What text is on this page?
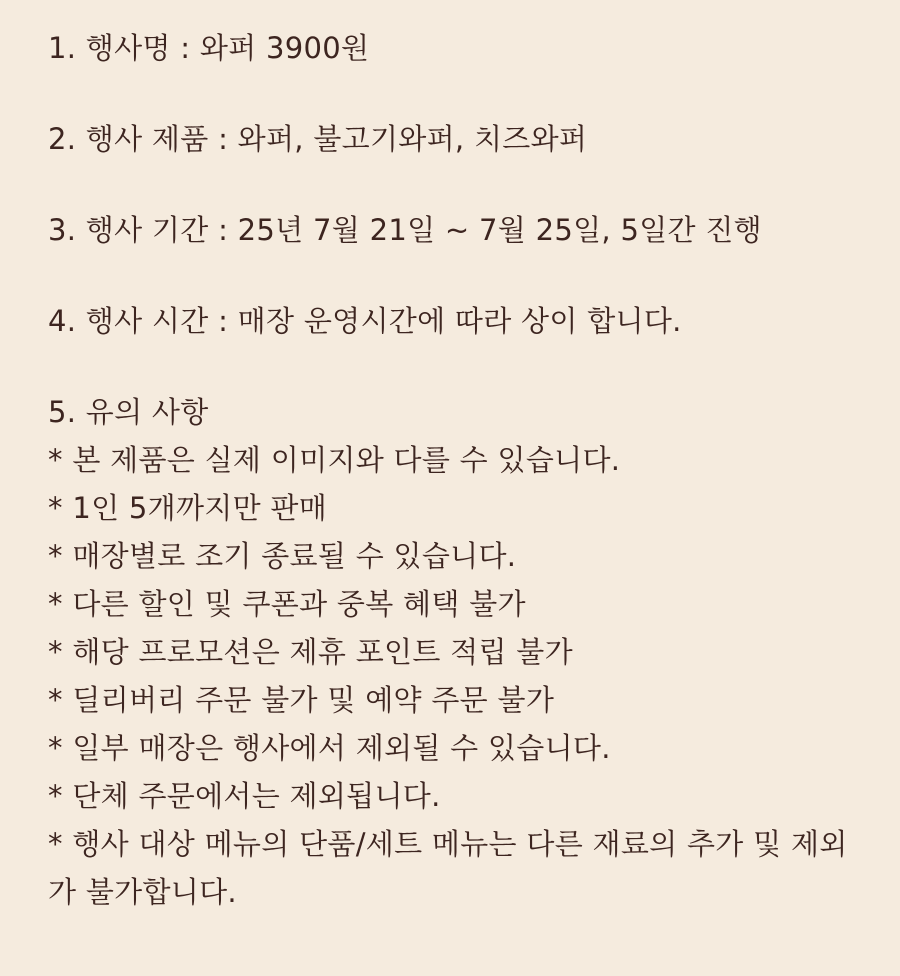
1. 행사명 : 와퍼 3900원

2. 행사 제품 : 와퍼, 불고기와퍼, 치즈와퍼

3. 행사 기간 : 25년 7월 21일 ~ 7월 25일, 5일간 진행

4. 행사 시간 : 매장 운영시간에 따라 상이 합니다.

5. 유의 사항

* 본 제품은 실제 이미지와 다를 수 있습니다.

* 1인 5개까지만 판매

* 매장별로 조기 종료될 수 있습니다.

* 다른 할인 및 쿠폰과 중복 혜택 불가

* 해당 프로모션은 제휴 포인트 적립 불가

* 딜리버리 주문 불가 및 예약 주문 불가

* 일부 매장은 행사에서 제외될 수 있습니다.

* 단체 주문에서는 제외됩니다.

* 행사 대상 메뉴의 단품/세트 메뉴는 다른 재료의 추가 및 제외가 불가합니다.
